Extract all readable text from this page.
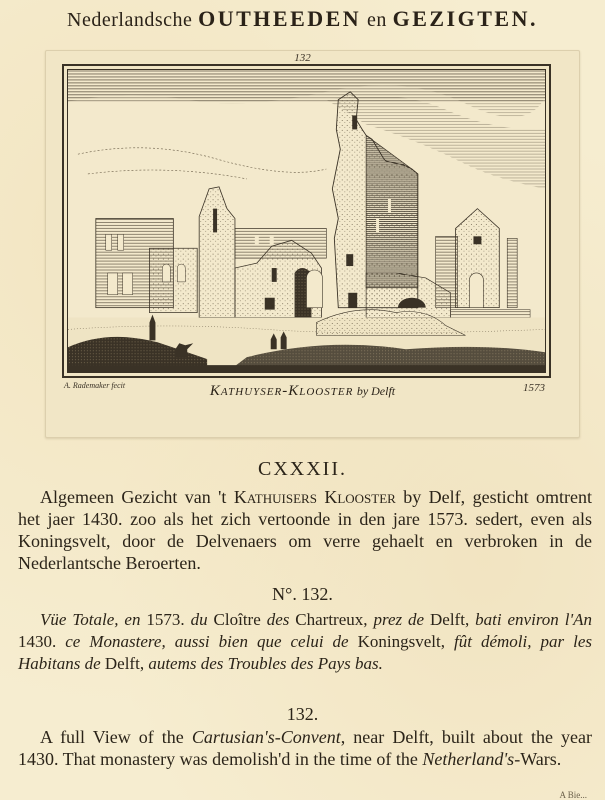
Nederlandsche OUTHEEDEN en GEZIGTEN.
132
A. Rademaker fecit	Kathuyser-Klooster by Delft	1573
CXXXII.
Algemeen Gezicht van 't Kathuisers Klooster by Delf, gesticht omtrent het jaer 1430. zoo als het zich vertoonde in den jare 1573. sedert, even als Koningsvelt, door de Delvenaers om verre gehaelt en verbroken in de Nederlantsche Beroerten.
N°. 132.
Vüe Totale, en 1573. du Cloître des Chartreux, prez de Delft, bati environ l'An 1430. ce Monastere, aussi bien que celui de Koningsvelt, fût démoli, par les Habitans de Delft, autems des Troubles des Pays bas.
132.
A full View of the Cartusian's-Convent, near Delft, built about the year 1430. That monastery was demolish'd in the time of the Netherland's-Wars.
A Bie...
